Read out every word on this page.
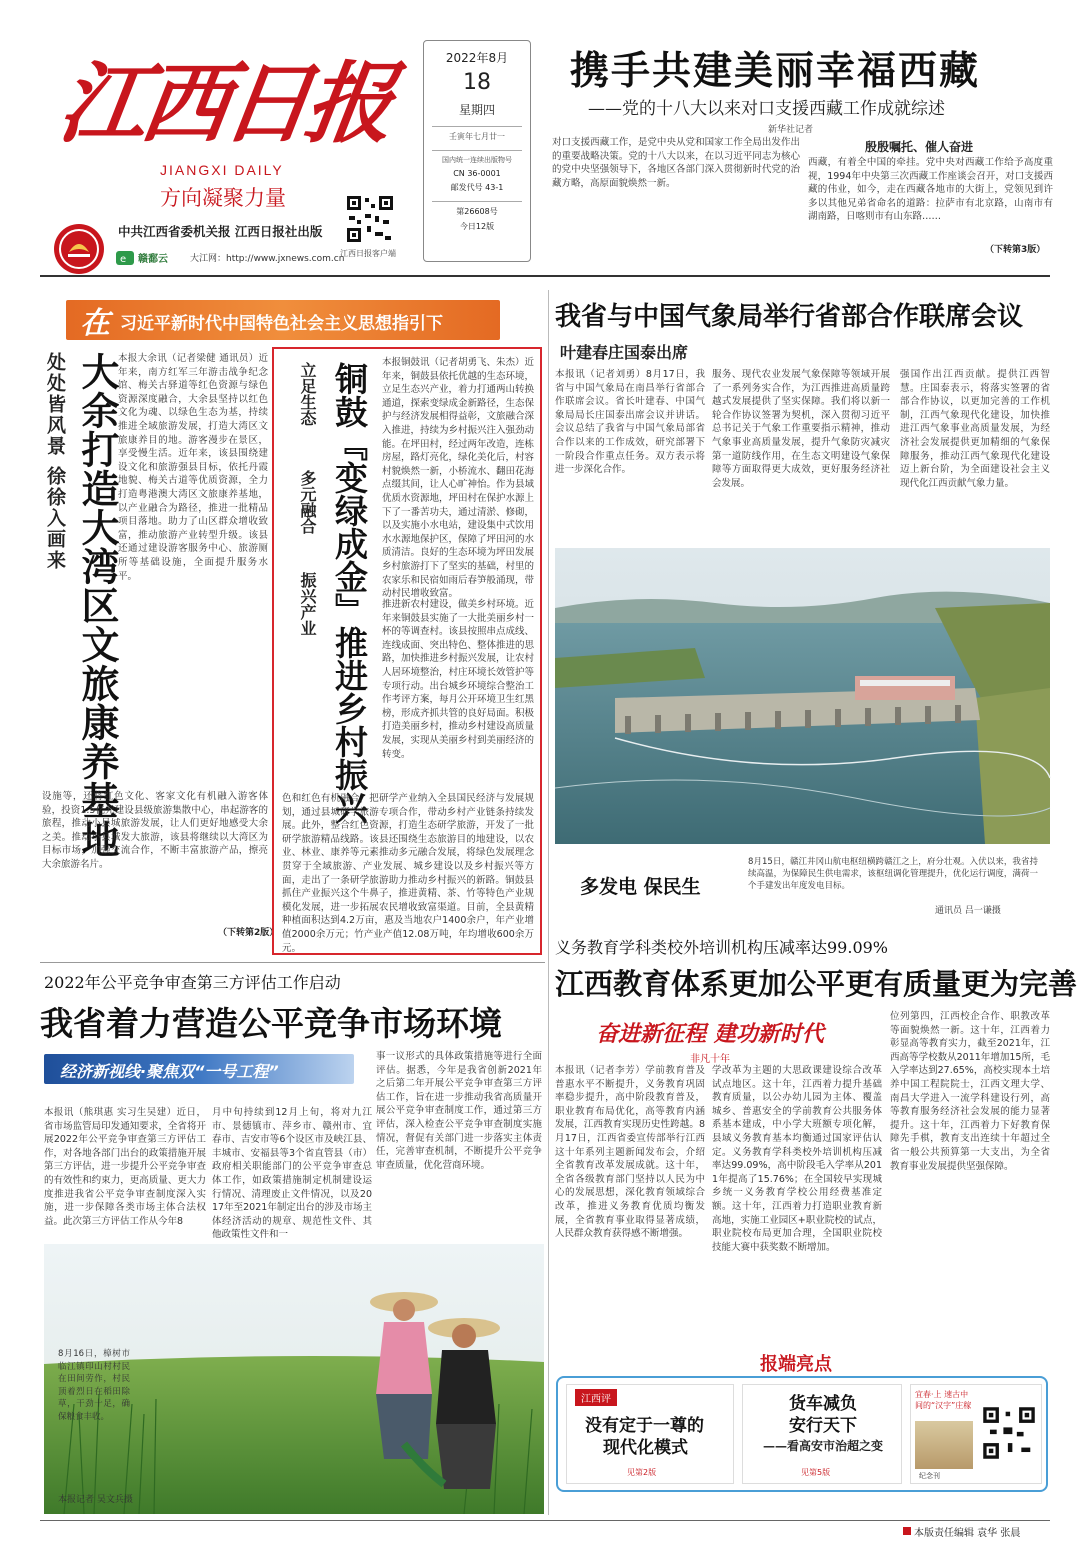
江西日报
JIANGXI DAILY
方向凝聚力量
中共江西省委机关报 江西日报社出版
e 赣鄱云 大江网：http://www.jxnews.com.cn
江西日报客户端
2022年8月
18
星期四
壬寅年七月廿一
国内统一连续出版物号
CN 36-0001
邮发代号 43-1
第26608号
今日12版
携手共建美丽幸福西藏
——党的十八大以来对口支援西藏工作成就综述
新华社记者
对口支援西藏工作，是党中央从党和国家工作全局出发作出的重要战略决策。党的十八大以来，在以习近平同志为核心的党中央坚强领导下，各地区各部门深入贯彻新时代党的治藏方略，高原面貌焕然一新。
殷殷嘱托、催人奋进
西藏，有着全中国的牵挂。党中央对西藏工作给予高度重视，1994年中央第三次西藏工作座谈会召开，对口支援西藏的伟业，如今，走在西藏各地市的大街上，党领见到许多以其他兄弟省命名的道路：拉萨市有北京路，山南市有湖南路，日喀则市有山东路……
（下转第3版）
在 习近平新时代中国特色社会主义思想指引下
处处皆风景 徐徐入画来 大余打造大湾区文旅康养基地
本报大余讯（记者梁健 通讯员）近年来，南方红军三年游击战争纪念馆、梅关古驿道等红色资源与绿色资源深度融合，大余县坚持以红色文化为魂、以绿色生态为基，持续推进全域旅游发展，打造大湾区文旅康养目的地。游客漫步在景区，享受慢生活。近年来，该县围绕建设文化和旅游强县目标，依托丹霞地貌、梅关古道等优质资源，全力打造粤港澳大湾区文旅康养基地，以产业融合为路径，推进一批精品项目落地。助力了山区群众增收致富，推动旅游产业转型升级。该县还通过建设游客服务中心、旅游厕所等基础设施，全面提升服务水平。
设施等，还将红色文化、客家文化有机融入游客体验，投资1.5亿元建设县级旅游集散中心，串起游客的旅程，推动小县城旅游发展，让人们更好地感受大余之美。推动小县城发大旅游，该县将继续以大湾区为目标市场，加强交流合作，不断丰富旅游产品，擦亮大余旅游名片。
（下转第2版）
立足生态
多元融合
振兴产业 铜鼓『变绿成金』推进乡村振兴	本报铜鼓讯（记者胡勇飞、朱杰）近年来，铜鼓县依托优越的生态环境，立足生态兴产业，着力打通两山转换通道，探索变绿成金新路径，生态保护与经济发展相得益彰，文旅融合深入推进，持续为乡村振兴注入强劲动能。在坪田村，经过两年改造，连栋房屋，路灯亮化，绿化美化后，村容村貌焕然一新，小桥流水、翻田花海点缀其间，让人心旷神怡。作为县域优质水资源地，坪田村在保护水源上下了一番苦功夫，通过清淤、修砌，以及实施小水电站，建设集中式饮用水水源地保护区，保障了坪田河的水质清洁。良好的生态环境为坪田发展乡村旅游打下了坚实的基础，村里的农家乐和民宿如雨后春笋般涌现，带动村民增收致富。
推进新农村建设，做美乡村环境。近年来铜鼓县实施了一大批美丽乡村一杯的等调查村。该县按照串点成线、连线成面、突出特色、整体推进的思路，加快推进乡村振兴发展，让农村人居环境整治，村庄环境长效管护等专项行动。出台城乡环境综合整治工作考评方案，每月公开环境卫生红黑榜，形成齐抓共管的良好局面。积极打造美丽乡村，推动乡村建设高质量发展，实现从美丽乡村到美丽经济的转变。
色和红色有机融合，把研学产业纳入全县国民经济与发展规划，通过县城研学旅游专项合作，带动乡村产业链条持续发展。此外，整合红色资源，打造生态研学旅游，开发了一批研学旅游精品线路。该县还围绕生态旅游目的地建设，以农业、林业、康养等元素推动多元融合发展，将绿色发展理念贯穿于全域旅游、产业发展、城乡建设以及乡村振兴等方面，走出了一条研学旅游助力推动乡村振兴的新路。铜鼓县抓住产业振兴这个牛鼻子，推进黄精、茶、竹等特色产业规模化发展，进一步拓展农民增收致富渠道。目前，全县黄精种植面积达到4.2万亩，惠及当地农户1400余户，年产业增值2000余万元；竹产业产值12.08万吨，年均增收600余万元。
我省与中国气象局举行省部合作联席会议
叶建春庄国泰出席
本报讯（记者刘勇）8月17日，我省与中国气象局在南昌举行省部合作联席会议。省长叶建春、中国气象局局长庄国泰出席会议并讲话。会议总结了我省与中国气象局部省合作以来的工作成效，研究部署下一阶段合作重点任务。双方表示将进一步深化合作。
服务、现代农业发展气象保障等领域开展了一系列务实合作，为江西推进高质量跨越式发展提供了坚实保障。我们将以新一轮合作协议签署为契机，深入贯彻习近平总书记关于气象工作重要指示精神，推动气象事业高质量发展，提升气象防灾减灾第一道防线作用，在生态文明建设气象保障等方面取得更大成效，更好服务经济社会发展。
强国作出江西贡献。提供江西智慧。庄国泰表示，将落实签署的省部合作协议，以更加完善的工作机制，江西气象现代化建设，加快推进江西气象事业高质量发展，为经济社会发展提供更加精细的气象保障服务，推动江西气象现代化建设迈上新台阶，为全面建设社会主义现代化江西贡献气象力量。
多发电 保民生
8月15日，赣江井冈山航电枢纽横跨赣江之上，府分壮观。入伏以来，我省持续高温，为保障民生供电需求，该枢纽调化管理提升，优化运行调度，满荷一个手建发出年度发电目标。
通讯员 吕一谦摄
义务教育学科类校外培训机构压减率达99.09%
江西教育体系更加公平更有质量更为完善
奋进新征程 建功新时代
非凡十年
本报讯（记者李芳）学前教育普及普惠水平不断提升，义务教育巩固率稳步提升，高中阶段教育普及，职业教育布局优化，高等教育内涵发展，江西教育实现历史性跨越。8月17日，江西省委宣传部举行江西这十年系列主题新闻发布会，介绍全省教育改革发展成就。这十年，全省各级教育部门坚持以人民为中心的发展思想，深化教育领域综合改革，推进义务教育优质均衡发展，全省教育事业取得显著成绩，人民群众教育获得感不断增强。
学改革为主题的大思政课建设综合改革试点地区。这十年，江西着力提升基础教育质量，以公办幼儿园为主体、覆盖城乡、普惠安全的学前教育公共服务体系基本建成，中小学大班额专项化解，县域义务教育基本均衡通过国家评估认定。义务教育学科类校外培训机构压减率达99.09%，高中阶段毛入学率从2011年提高了15.76%；在全国较早实现城乡统一义务教育学校公用经费基准定额。这十年，江西着力打造职业教育新高地，实施工业园区+职业院校的试点，职业院校布局更加合理，全国职业院校技能大赛中获奖数不断增加。
位列第四，江西校企合作、职教改革等面貌焕然一新。这十年，江西着力彰显高等教育实力，截至2021年，江西高等学校数从2011年增加15所，毛入学率达到27.65%，高校实现本土培养中国工程院院士，江西文理大学、南昌大学进入一流学科建设行列，高等教育服务经济社会发展的能力显著提升。这十年，江西着力下好教育保障先手棋，教育支出连续十年超过全省一般公共预算第一大支出，为全省教育事业发展提供坚强保障。
2022年公平竞争审查第三方评估工作启动
我省着力营造公平竞争市场环境
经济新视线·聚焦双“一号工程”
本报讯（熊琪惠 实习生吴建）近日，省市场监管局印发通知要求，全省将开展2022年公平竞争审查第三方评估工作，对各地各部门出台的政策措施开展第三方评估，进一步提升公平竞争审查的有效性和约束力，更高质量、更大力度推进我省公平竞争审查制度深入实施，进一步保障各类市场主体合法权益。此次第三方评估工作从今年8
月中旬持续到12月上旬，将对九江市、景德镇市、萍乡市、赣州市、宜春市、吉安市等6个设区市及峡江县、丰城市、安福县等3个省直管县（市）政府相关职能部门的公平竞争审查总体工作，如政策措施制定机制建设运行情况、清理废止文件情况，以及2017年至2021年制定出台的涉及市场主体经济活动的规章、规范性文件、其他政策性文件和一
事一议形式的具体政策措施等进行全面评估。据悉，今年是我省创新2021年之后第二年开展公平竞争审查第三方评估工作，旨在进一步推动我省高质量开展公平竞争审查制度工作，通过第三方评估，深入检查公平竞争审查制度实施情况，督促有关部门进一步落实主体责任，完善审查机制，不断提升公平竞争审查质量，优化营商环境。
8月16日，樟树市临江镇印山村村民在田间劳作，村民顶着烈日在稻田除草，干劲十足，确保粮食丰收。
本报记者 吴文兵摄
报端亮点
江西评
没有定于一尊的
现代化模式
见第2版
货车减负
安行天下
——看高安市治超之变
见第5版
宜春·上 速古中间的“汉字”庄稼
纪念刊
本版责任编辑 袁华 张晨
